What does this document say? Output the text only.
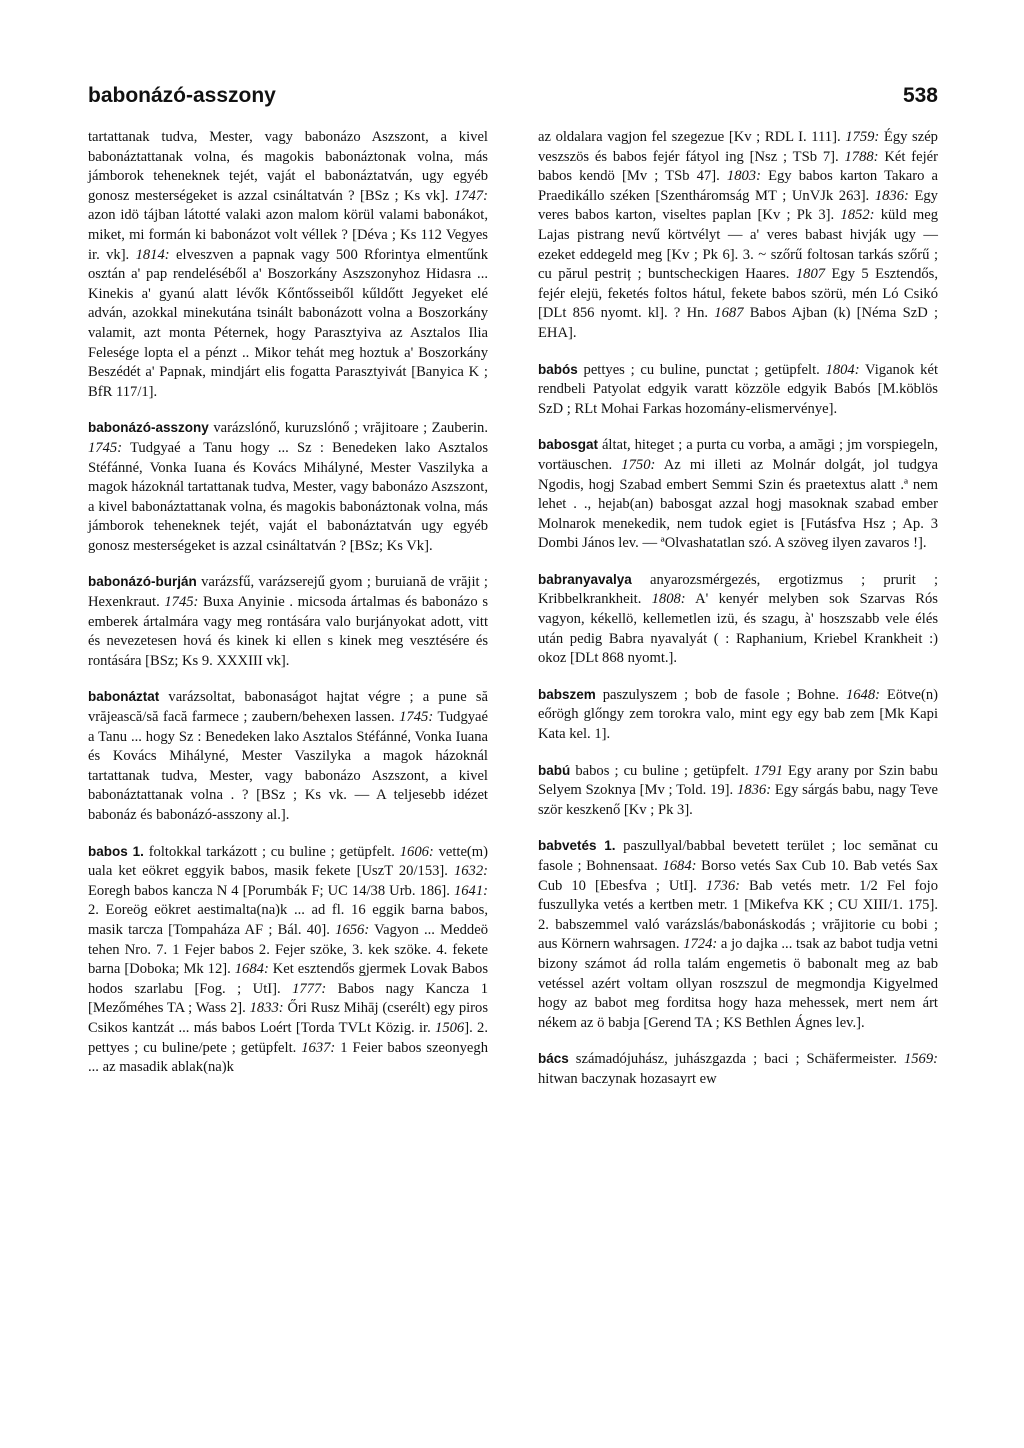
babonázó-asszony	538

tartattanak tudva, Mester, vagy babonázo Aszszont, a kivel babonáztattanak volna, és magokis babonáztonak volna, más jámborok teheneknek tejét, vaját el babonáztatván, ugy egyéb gonosz mesterségeket is azzal csináltatván ? [BSz ; Ks vk]. 1747: azon idö tájban látotté valaki azon malom körül valami babonákot, miket, mi formán ki babonázot volt véllek ? [Déva ; Ks 112 Vegyes ir. vk]. 1814: elveszven a papnak vagy 500 Rforintya elmentűnk osztán a' pap rendeléséből a' Boszorkány Aszszonyhoz Hidasra ... Kinekis a' gyanú alatt lévők Kőntősseiből kűldőtt Jegyeket elé adván, azokkal minekutána tsinált babonázott volna a Boszorkány valamit, azt monta Péternek, hogy Parasztyiva az Asztalos Ilia Felesége lopta el a pénzt .. Mikor tehát meg hoztuk a' Boszorkány Beszédét a' Papnak, mindjárt elis fogatta Parasztyivát [Banyica K ; BfR 117/1].

babonázó-asszony varázslónő, kuruzslónő ; vrăjitoare ; Zauberin. 1745: Tudgyaé a Tanu hogy ... Sz : Benedeken lako Asztalos Stéfánné, Vonka Iuana és Kovács Mihályné, Mester Vaszilyka a magok házoknál tartattanak tudva, Mester, vagy babonázo Aszszont, a kivel babonáztattanak volna, és magokis babonáztonak volna, más jámborok teheneknek tejét, vaját el babonáztatván ugy egyéb gonosz mesterségeket is azzal csináltatván ? [BSz; Ks Vk].

babonázó-burján varázsfű, varázserejű gyom ; buruiană de vrăjit ; Hexenkraut. 1745: Buxa Anyinie . micsoda ártalmas és babonázo s emberek ártalmára vagy meg rontására valo burjányokat adott, vitt és nevezetesen hová és kinek ki ellen s kinek meg vesztésére és rontására [BSz; Ks 9. XXXIII vk].

babonáztat varázsoltat, babonaságot hajtat végre ; a pune să vrăjească/să facă farmece ; zaubern/behexen lassen. 1745: Tudgyaé a Tanu ... hogy Sz : Benedeken lako Asztalos Stéfánné, Vonka Iuana és Kovács Mihályné, Mester Vaszilyka a magok házoknál tartattanak tudva, Mester, vagy babonázo Aszszont, a kivel babonáztattanak volna . ? [BSz ; Ks vk. — A teljesebb idézet babonáz és babonázó-asszony al.].

babos 1. foltokkal tarkázott ; cu buline ; getüpfelt. 1606: vette(m) uala ket eökret eggyik babos, masik fekete [UszT 20/153]. 1632: Eoregh babos kancza N 4 [Porumbák F; UC 14/38 Urb. 186]. 1641: 2. Eoreög eökret aestimalta(na)k ... ad fl. 16 eggik barna babos, masik tarcza [Tompaháza AF ; Bál. 40]. 1656: Vagyon ... Meddeö tehen Nro. 7. 1 Fejer babos 2. Fejer szöke, 3. kek szöke. 4. fekete barna [Doboka; Mk 12]. 1684: Ket esztendős gjermek Lovak Babos hodos szarlabu [Fog. ; UtI]. 1777: Babos nagy Kancza 1 [Mezőméhes TA ; Wass 2]. 1833: Őri Rusz Mihāj (cserélt) egy piros Csikos kantzát ... más babos Loért [Torda TVLt Közig. ir. 1506]. 2. pettyes ; cu buline/pete ; getüpfelt. 1637: 1 Feier babos szeonyegh ... az masadik ablak(na)k

az oldalara vagjon fel szegezue [Kv ; RDL I. 111]. 1759: Égy szép veszszös és babos fejér fátyol ing [Nsz ; TSb 7]. 1788: Két fejér babos kendö [Mv ; TSb 47]. 1803: Egy babos karton Takaro a Praedikállo széken [Szentháromság MT ; UnVJk 263]. 1836: Egy veres babos karton, viseltes paplan [Kv ; Pk 3]. 1852: küld meg Lajas pistrang nevű körtvélyt — a' veres babast hivják ugy — ezeket eddegeld meg [Kv ; Pk 6]. 3. ~ szőrű foltosan tarkás szőrű ; cu părul pestriț ; buntscheckigen Haares. 1807 Egy 5 Esztendős, fejér elejü, feketés foltos hátul, fekete babos szörü, mén Ló Csikó [DLt 856 nyomt. kl]. ? Hn. 1687 Babos Ajban (k) [Néma SzD ; EHA].

babós pettyes ; cu buline, punctat ; getüpfelt. 1804: Viganok két rendbeli Patyolat edgyik varatt közzöle edgyik Babós [M.köblös SzD ; RLt Mohai Farkas hozomány-elismervénye].

babosgat áltat, hiteget ; a purta cu vorba, a amăgi ; jm vorspiegeln, vortäuschen. 1750: Az mi illeti az Molnár dolgát, jol tudgya Ngodis, hogj Szabad embert Semmi Szin és praetextus alatt .ª nem lehet . ., hejab(an) babosgat azzal hogj masoknak szabad ember Molnarok menekedik, nem tudok egiet is [Futásfva Hsz ; Ap. 3 Dombi János lev. — ªOlvashatatlan szó. A szöveg ilyen zavaros !].

babranyavalya anyarozsmérgezés, ergotizmus ; prurit ; Kribbelkrankheit. 1808: A' kenyér melyben sok Szarvas Rós vagyon, kékellö, kellemetlen izü, és szagu, à' hoszszabb vele élés után pedig Babra nyavalyát ( : Raphanium, Kriebel Krankheit :) okoz [DLt 868 nyomt.].

babszem paszulyszem ; bob de fasole ; Bohne. 1648: Eötve(n) eőrögh glőngy zem torokra valo, mint egy egy bab zem [Mk Kapi Kata kel. 1].

babú babos ; cu buline ; getüpfelt. 1791 Egy arany por Szin babu Selyem Szoknya [Mv ; Told. 19]. 1836: Egy sárgás babu, nagy Teve ször keszkenő [Kv ; Pk 3].

babvetés 1. paszullyal/babbal bevetett terület ; loc semănat cu fasole ; Bohnensaat. 1684: Borso vetés Sax Cub 10. Bab vetés Sax Cub 10 [Ebesfva ; UtI]. 1736: Bab vetés metr. 1/2 Fel fojo fuszullyka vetés a kertben metr. 1 [Mikefva KK ; CU XIII/1. 175]. 2. babszemmel való varázslás/babonáskodás ; vrăjitorie cu bobi ; aus Körnern wahrsagen. 1724: a jo dajka ... tsak az babot tudja vetni bizony számot ád rolla talám engemetis ö babonalt meg az bab vetéssel azért voltam ollyan roszszul de megmondja Kigyelmed hogy az babot meg forditsa hogy haza mehessek, mert nem árt nékem az ö babja [Gerend TA ; KS Bethlen Ágnes lev.].

bács számadójuhász, juhászgazda ; baci ; Schäfermeister. 1569: hitwan baczynak hozasayrt ew
